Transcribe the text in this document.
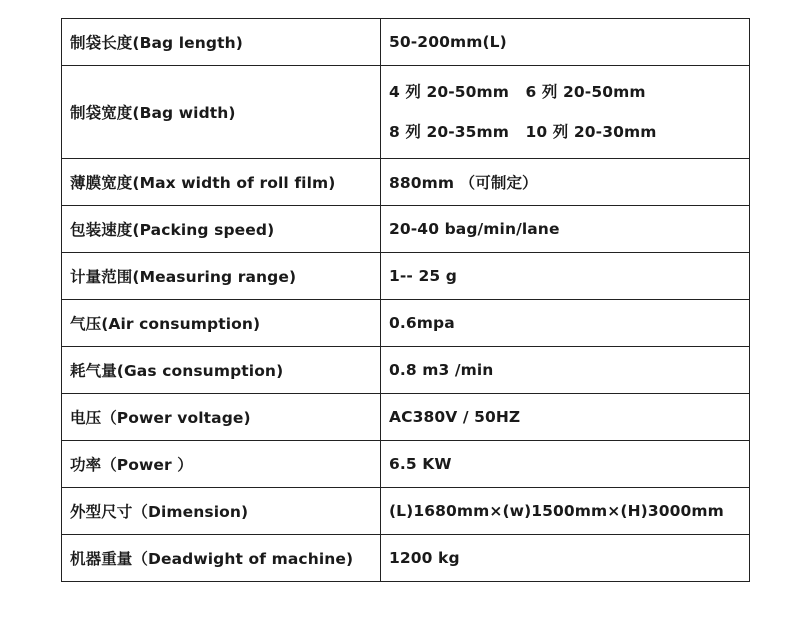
制袋长度(Bag length)	50-200mm(L)
制袋宽度(Bag width)	4 列 20-50mm   6 列 20-50mm
8 列 20-35mm   10 列 20-30mm

薄膜宽度(Max width of roll film)	880mm （可制定）
包装速度(Packing speed)	20-40 bag/min/lane
计量范围(Measuring range)	1-- 25 g
气压(Air consumption)	0.6mpa
耗气量(Gas consumption)	0.8 m3 /min
电压（Power voltage)	AC380V / 50HZ
功率（Power ）	6.5 KW
外型尺寸（Dimension)	(L)1680mm×(w)1500mm×(H)3000mm
机器重量（Deadwight of machine)	1200 kg
